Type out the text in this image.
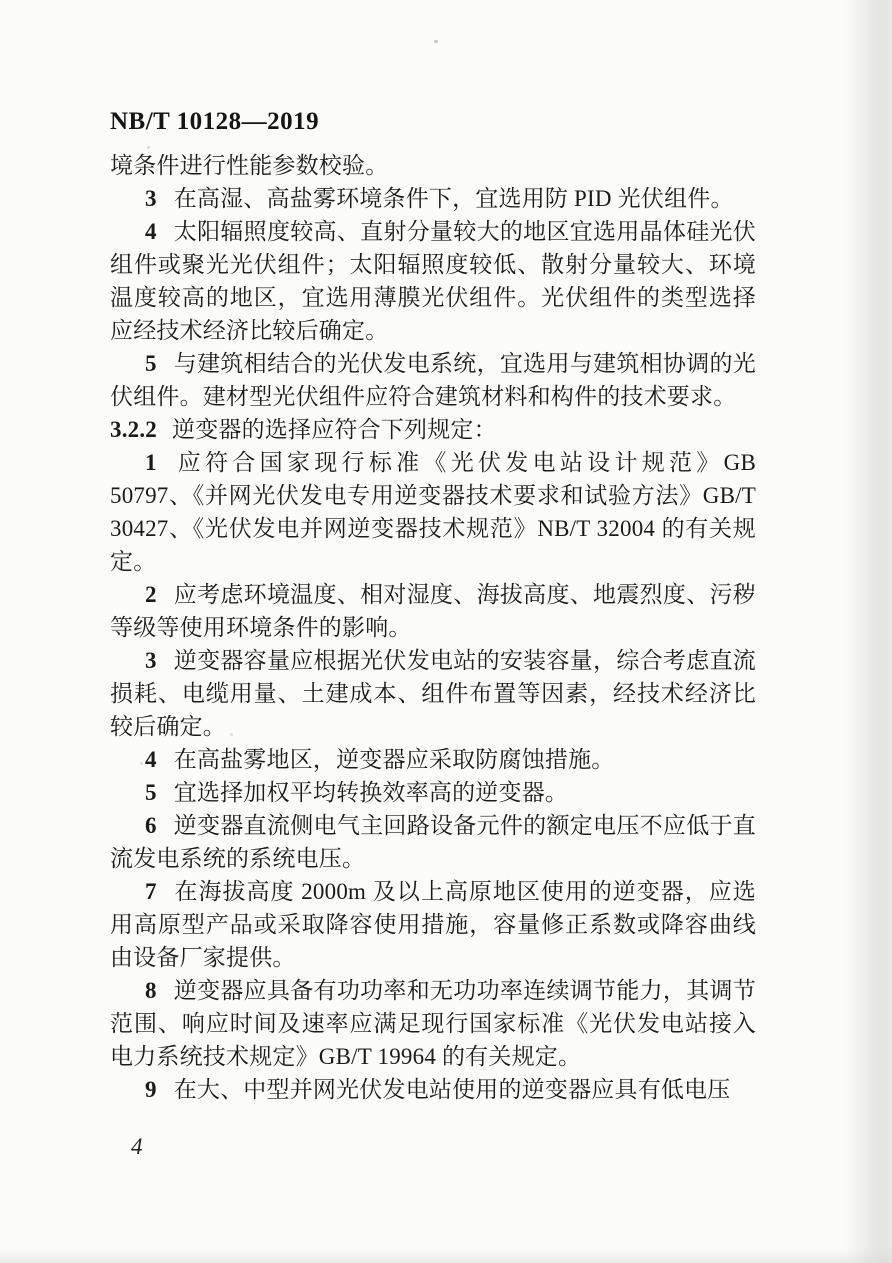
NB/T 10128—2019

境条件进行性能参数校验。

3 在高湿、高盐雾环境条件下，宜选用防 PID 光伏组件。

4 太阳辐照度较高、直射分量较大的地区宜选用晶体硅光伏组件或聚光光伏组件；太阳辐照度较低、散射分量较大、环境温度较高的地区，宜选用薄膜光伏组件。光伏组件的类型选择应经技术经济比较后确定。

5 与建筑相结合的光伏发电系统，宜选用与建筑相协调的光伏组件。建材型光伏组件应符合建筑材料和构件的技术要求。

3.2.2 逆变器的选择应符合下列规定：

1 应符合国家现行标准《光伏发电站设计规范》GB 50797、《并网光伏发电专用逆变器技术要求和试验方法》GB/T 30427、《光伏发电并网逆变器技术规范》NB/T 32004 的有关规定。

2 应考虑环境温度、相对湿度、海拔高度、地震烈度、污秽等级等使用环境条件的影响。

3 逆变器容量应根据光伏发电站的安装容量，综合考虑直流损耗、电缆用量、土建成本、组件布置等因素，经技术经济比较后确定。

4 在高盐雾地区，逆变器应采取防腐蚀措施。

5 宜选择加权平均转换效率高的逆变器。

6 逆变器直流侧电气主回路设备元件的额定电压不应低于直流发电系统的系统电压。

7 在海拔高度 2000m 及以上高原地区使用的逆变器，应选用高原型产品或采取降容使用措施，容量修正系数或降容曲线由设备厂家提供。

8 逆变器应具备有功功率和无功功率连续调节能力，其调节范围、响应时间及速率应满足现行国家标准《光伏发电站接入电力系统技术规定》GB/T 19964 的有关规定。

9 在大、中型并网光伏发电站使用的逆变器应具有低电压

4
